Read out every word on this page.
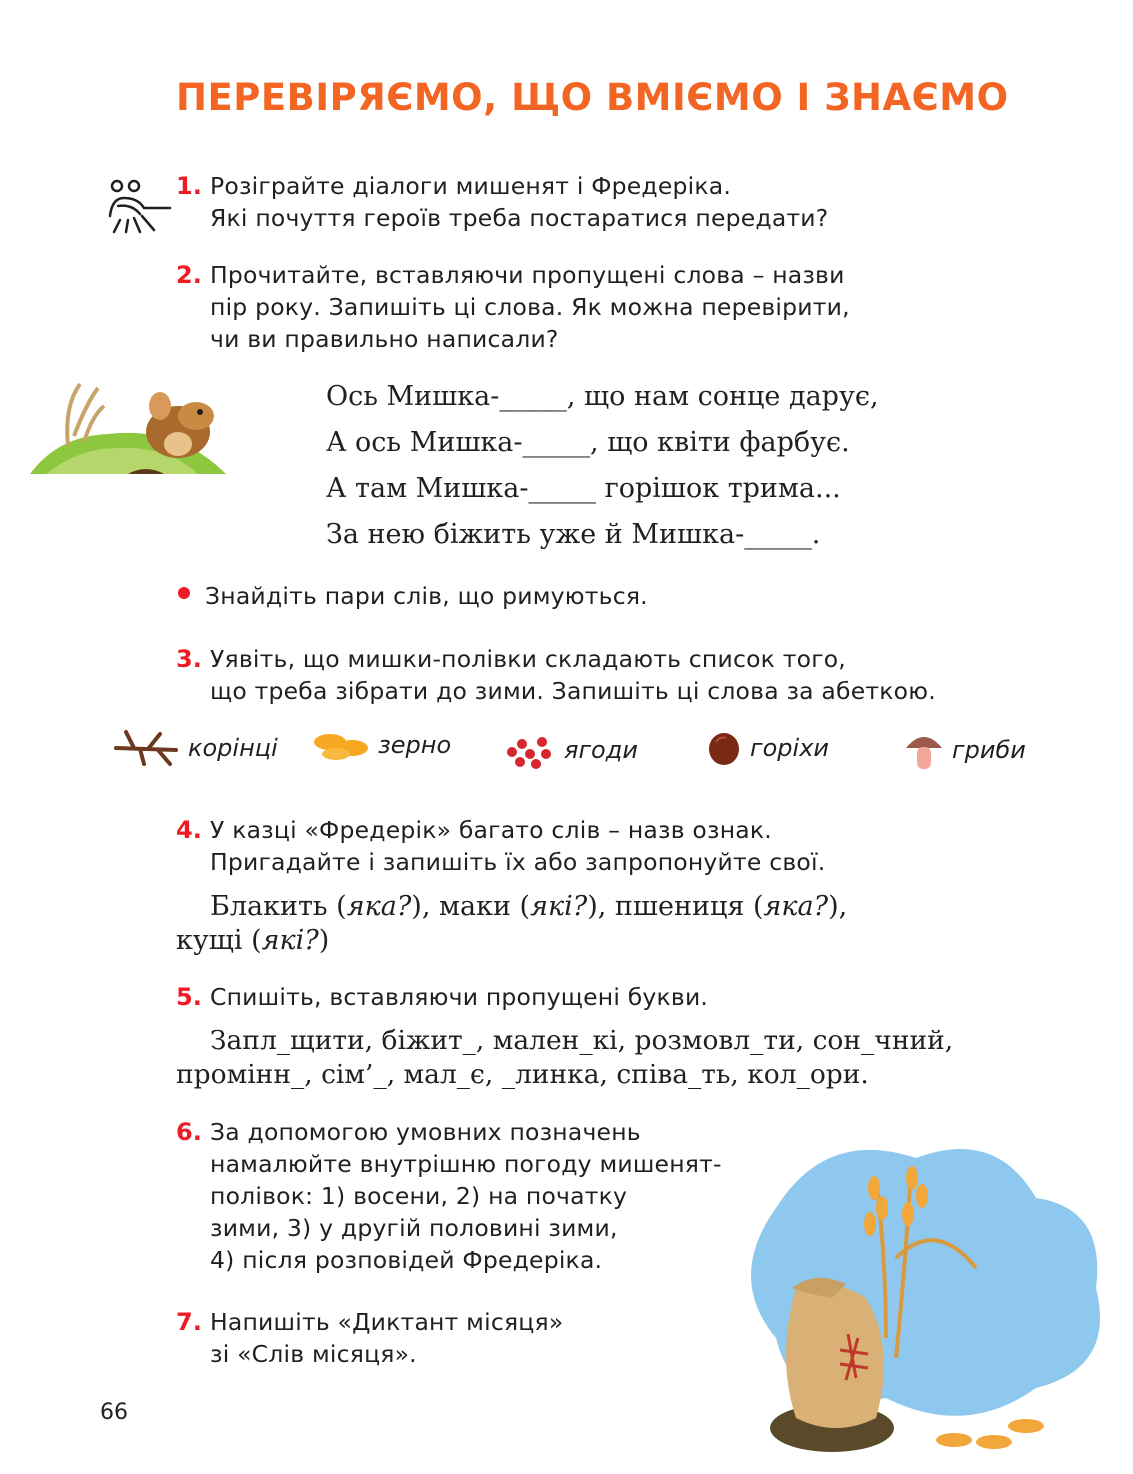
ПЕРЕВІРЯЄМО, ЩО ВМІЄМО І ЗНАЄМО
1. Розіграйте діалоги мишенят і Фредеріка.
Які почуття героїв треба постаратися передати?
2. Прочитайте, вставляючи пропущені слова – назви
пір року. Запишіть ці слова. Як можна перевірити,
чи ви правильно написали?
Ось Мишка-_____, що нам сонце дарує,
А ось Мишка-_____, що квіти фарбує.
А там Мишка-_____ горішок трима...
За нею біжить уже й Мишка-_____.
Знайдіть пари слів, що римуються.
3. Уявіть, що мишки-полівки складають список того,
що треба зібрати до зими. Запишіть ці слова за абеткою.
корінці	зерно	ягоди	горіхи	гриби
4. У казці «Фредерік» багато слів – назв ознак.
Пригадайте і запишіть їх або запропонуйте свої.
Блакить (яка?), маки (які?), пшениця (яка?),
кущі (які?)
5. Спишіть, вставляючи пропущені букви.
Запл_щити, біжит_, мален_кі, розмовл_ти, сон_чний,
промінн_, сім’_, мал_є, _линка, співа_ть, кол_ори.
6. За допомогою умовних позначень
намалюйте внутрішню погоду мишенят-
полівок: 1) восени, 2) на початку
зими, 3) у другій половині зими,
4) після розповідей Фредеріка.
7. Напишіть «Диктант місяця»
зі «Слів місяця».
66
